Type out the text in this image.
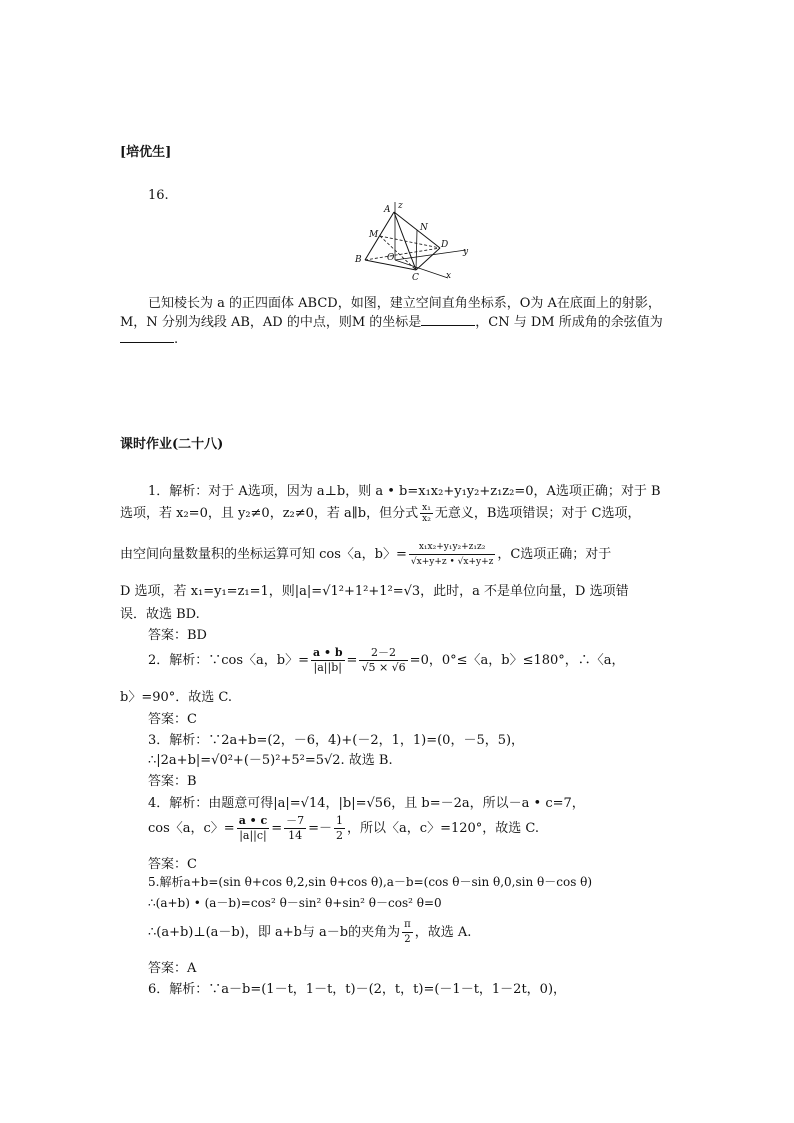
[培优生]
16.
A z
N
M
D
y
B	O
C	x
已知棱长为 a 的正四面体 ABCD，如图，建立空间直角坐标系，O为 A在底面上的射影，
M，N 分别为线段 AB，AD 的中点，则M 的坐标是	，CN 与 DM 所成角的余弦值为
.
课时作业(二十八)
1．解析：对于 A选项，因为 a⊥b，则 a • b=x₁x₂+y₁y₂+z₁z₂=0，A选项正确；对于 B
选项，若 x₂=0，且 y₂≠0，z₂≠0，若 a∥b，但分式 $\frac{\text{x₁}}{\text{x₂}}$ 无意义，B选项错误；对于 C选项，
由空间向量数量积的坐标运算可知 cos〈a，b〉= $\frac{\text{x₁x₂+y₁y₂+z₁z₂}}{√x+y+z • √x+y+z}$ ，C选项正确；对于
D 选项，若 x₁=y₁=z₁=1，则|a|=√1²+1²+1²=√3，此时，a 不是单位向量，D 选项错
误．故选 BD.
答案：BD
2．解析：∵cos〈a，b〉= $\frac{a • b}{|a||b|} = \frac{2-2}{√5 \times √6} =0$，0°≤〈a，b〉≤180°，∴〈a，
b〉=90°．故选 C.
答案：C
3．解析：∵2a+b=(2，－6，4)+(－2，1，1)=(0，－5，5)，
∴|2a+b|=√0²+(－5)²+5²=5√2. 故选 B.
答案：B
4．解析：由题意可得|a|=√14，|b|=√56，且 b=－2a，所以－a • c=7，
cos〈a，c〉= $\frac{a • c}{|a||c|} = \frac{-7}{14} =- \frac{1}{2}$ ，所以〈a，c〉=120°，故选 C.
答案：C
5.解析a+b=(sin θ+cos θ,2,sin θ+cos θ),a－b=(cos θ－sin θ,0,sin θ－cos θ)
∴(a+b) • (a－b)=cos² θ－sin² θ+sin² θ－cos² θ=0
∴(a+b)⊥(a－b)，即 a+b与 a－b的夹角为 $\frac{\pi}{2}$ ，故选 A.
答案：A
6．解析：∵a－b=(1－t，1－t，t)－(2，t，t)=(－1－t，1－2t，0)，
